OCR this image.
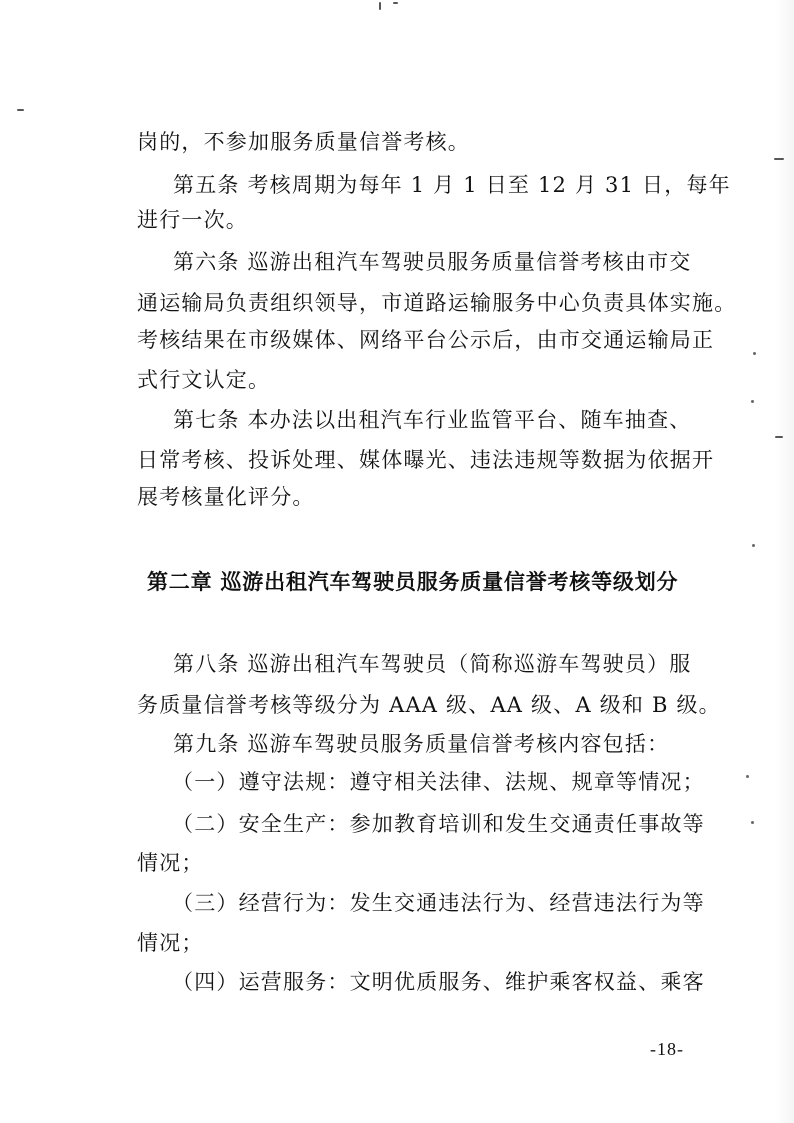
岗的，不参加服务质量信誉考核。

第五条 考核周期为每年 1 月 1 日至 12 月 31 日，每年

进行一次。

第六条 巡游出租汽车驾驶员服务质量信誉考核由市交

通运输局负责组织领导，市道路运输服务中心负责具体实施。

考核结果在市级媒体、网络平台公示后，由市交通运输局正

式行文认定。

第七条 本办法以出租汽车行业监管平台、随车抽查、

日常考核、投诉处理、媒体曝光、违法违规等数据为依据开

展考核量化评分。

第二章 巡游出租汽车驾驶员服务质量信誉考核等级划分

第八条 巡游出租汽车驾驶员（简称巡游车驾驶员）服

务质量信誉考核等级分为 AAA 级、AA 级、A 级和 B 级。

第九条 巡游车驾驶员服务质量信誉考核内容包括：

（一）遵守法规：遵守相关法律、法规、规章等情况；

（二）安全生产：参加教育培训和发生交通责任事故等

情况；

（三）经营行为：发生交通违法行为、经营违法行为等

情况；

（四）运营服务：文明优质服务、维护乘客权益、乘客

-18-
